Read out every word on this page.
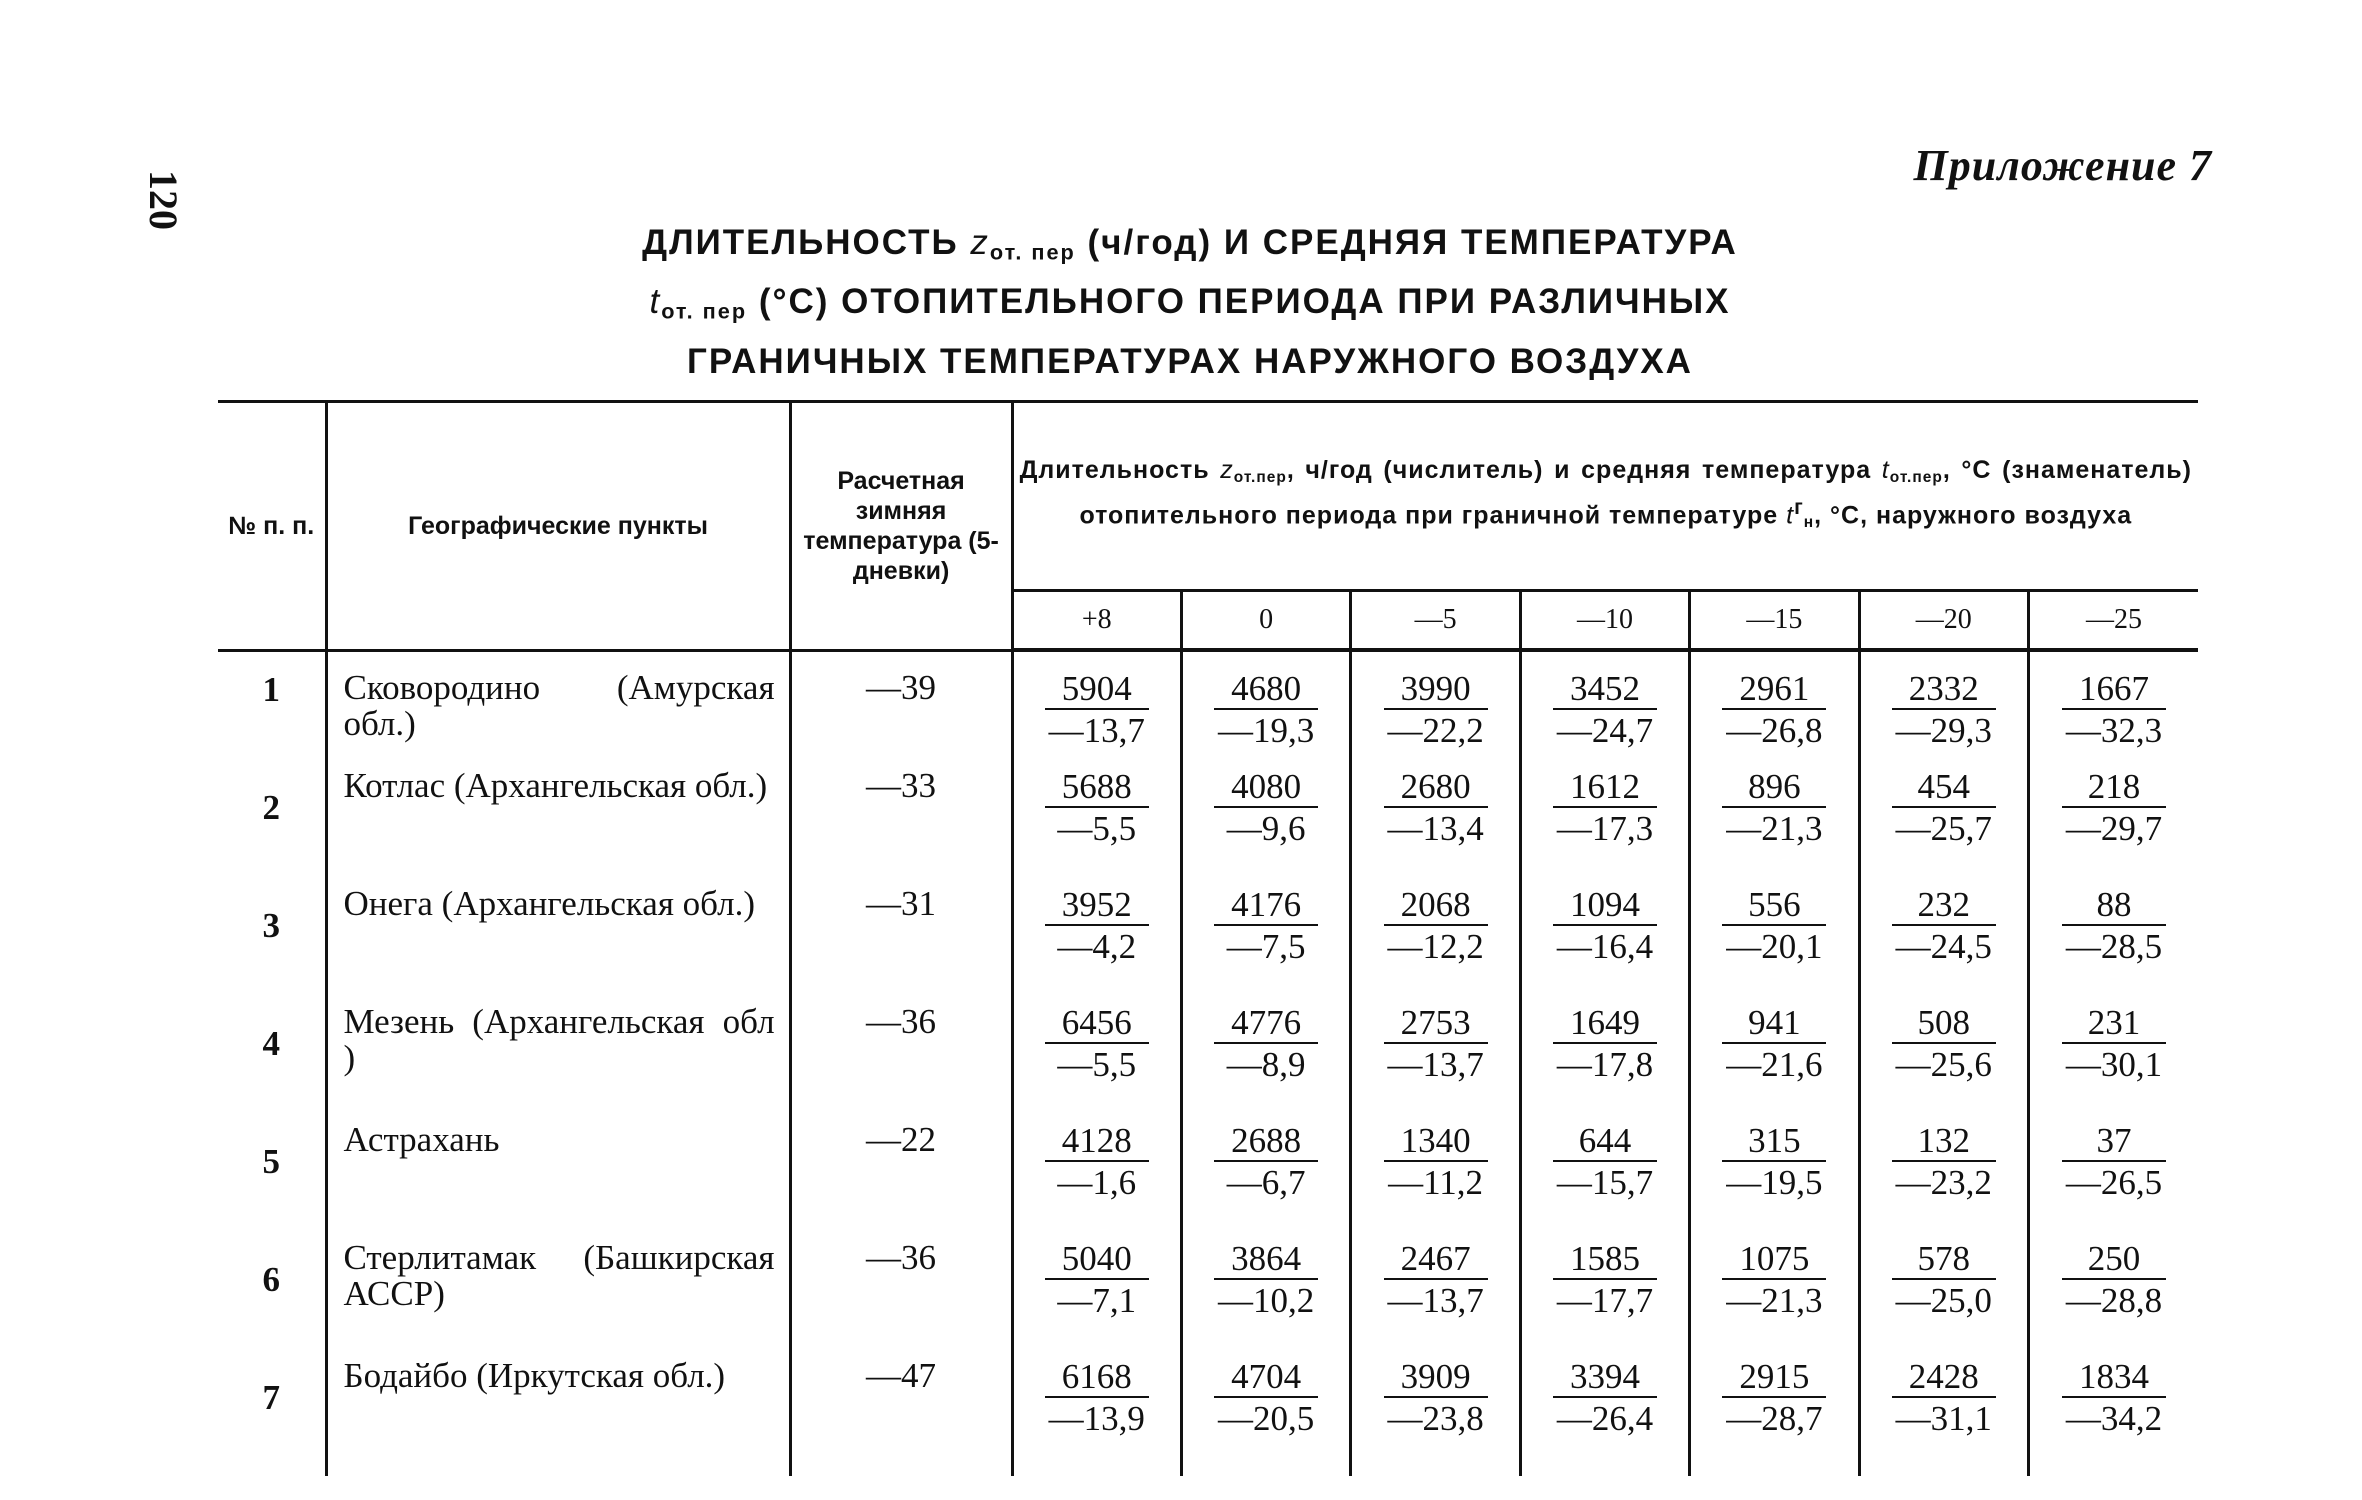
120
Приложение 7
ДЛИТЕЛЬНОСТЬ $z_{от. пер}$ (ч/год) И СРЕДНЯЯ ТЕМПЕРАТУРА
$t_{от. пер}$ (°С) ОТОПИТЕЛЬНОГО ПЕРИОДА ПРИ РАЗЛИЧНЫХ
ГРАНИЧНЫХ ТЕМПЕРАТУРАХ НАРУЖНОГО ВОЗДУХА
№ п. п.	Географические пункты	Расчетная зимняя температура (5-дневки)	Длительность $z_{от.пер}$, ч/год (числитель) и средняя температура $t_{от.пер}$, °С (знаменатель) отопительного периода при граничной температуре $t^г_н$, °С, наружного воздуха						
			+8	0	—5	—10	—15	—20	—25
1	Сковородино (Амурская обл.)	—39	$\frac{5904}{—13,7}$	$\frac{4680}{—19,3}$	$\frac{3990}{—22,2}$	$\frac{3452}{—24,7}$	$\frac{2961}{—26,8}$	$\frac{2332}{—29,3}$	$\frac{1667}{—32,3}$

2	Котлас (Архангельская обл.)	—33	$\frac{5688}{—5,5}$	$\frac{4080}{—9,6}$	$\frac{2680}{—13,4}$	$\frac{1612}{—17,3}$	$\frac{896}{—21,3}$	$\frac{454}{—25,7}$	$\frac{218}{—29,7}$

3	Онега (Архангельская обл.)	—31	$\frac{3952}{—4,2}$	$\frac{4176}{—7,5}$	$\frac{2068}{—12,2}$	$\frac{1094}{—16,4}$	$\frac{556}{—20,1}$	$\frac{232}{—24,5}$	$\frac{88}{—28,5}$

4	Мезень (Архангельская обл )	—36	$\frac{6456}{—5,5}$	$\frac{4776}{—8,9}$	$\frac{2753}{—13,7}$	$\frac{1649}{—17,8}$	$\frac{941}{—21,6}$	$\frac{508}{—25,6}$	$\frac{231}{—30,1}$

5	Астрахань	—22	$\frac{4128}{—1,6}$	$\frac{2688}{—6,7}$	$\frac{1340}{—11,2}$	$\frac{644}{—15,7}$	$\frac{315}{—19,5}$	$\frac{132}{—23,2}$	$\frac{37}{—26,5}$

6	Стерлитамак (Башкирская АССР)	—36	$\frac{5040}{—7,1}$	$\frac{3864}{—10,2}$	$\frac{2467}{—13,7}$	$\frac{1585}{—17,7}$	$\frac{1075}{—21,3}$	$\frac{578}{—25,0}$	$\frac{250}{—28,8}$

7	Бодайбо (Иркутская обл.)	—47	$\frac{6168}{—13,9}$	$\frac{4704}{—20,5}$	$\frac{3909}{—23,8}$	$\frac{3394}{—26,4}$	$\frac{2915}{—28,7}$	$\frac{2428}{—31,1}$	$\frac{1834}{—34,2}$
